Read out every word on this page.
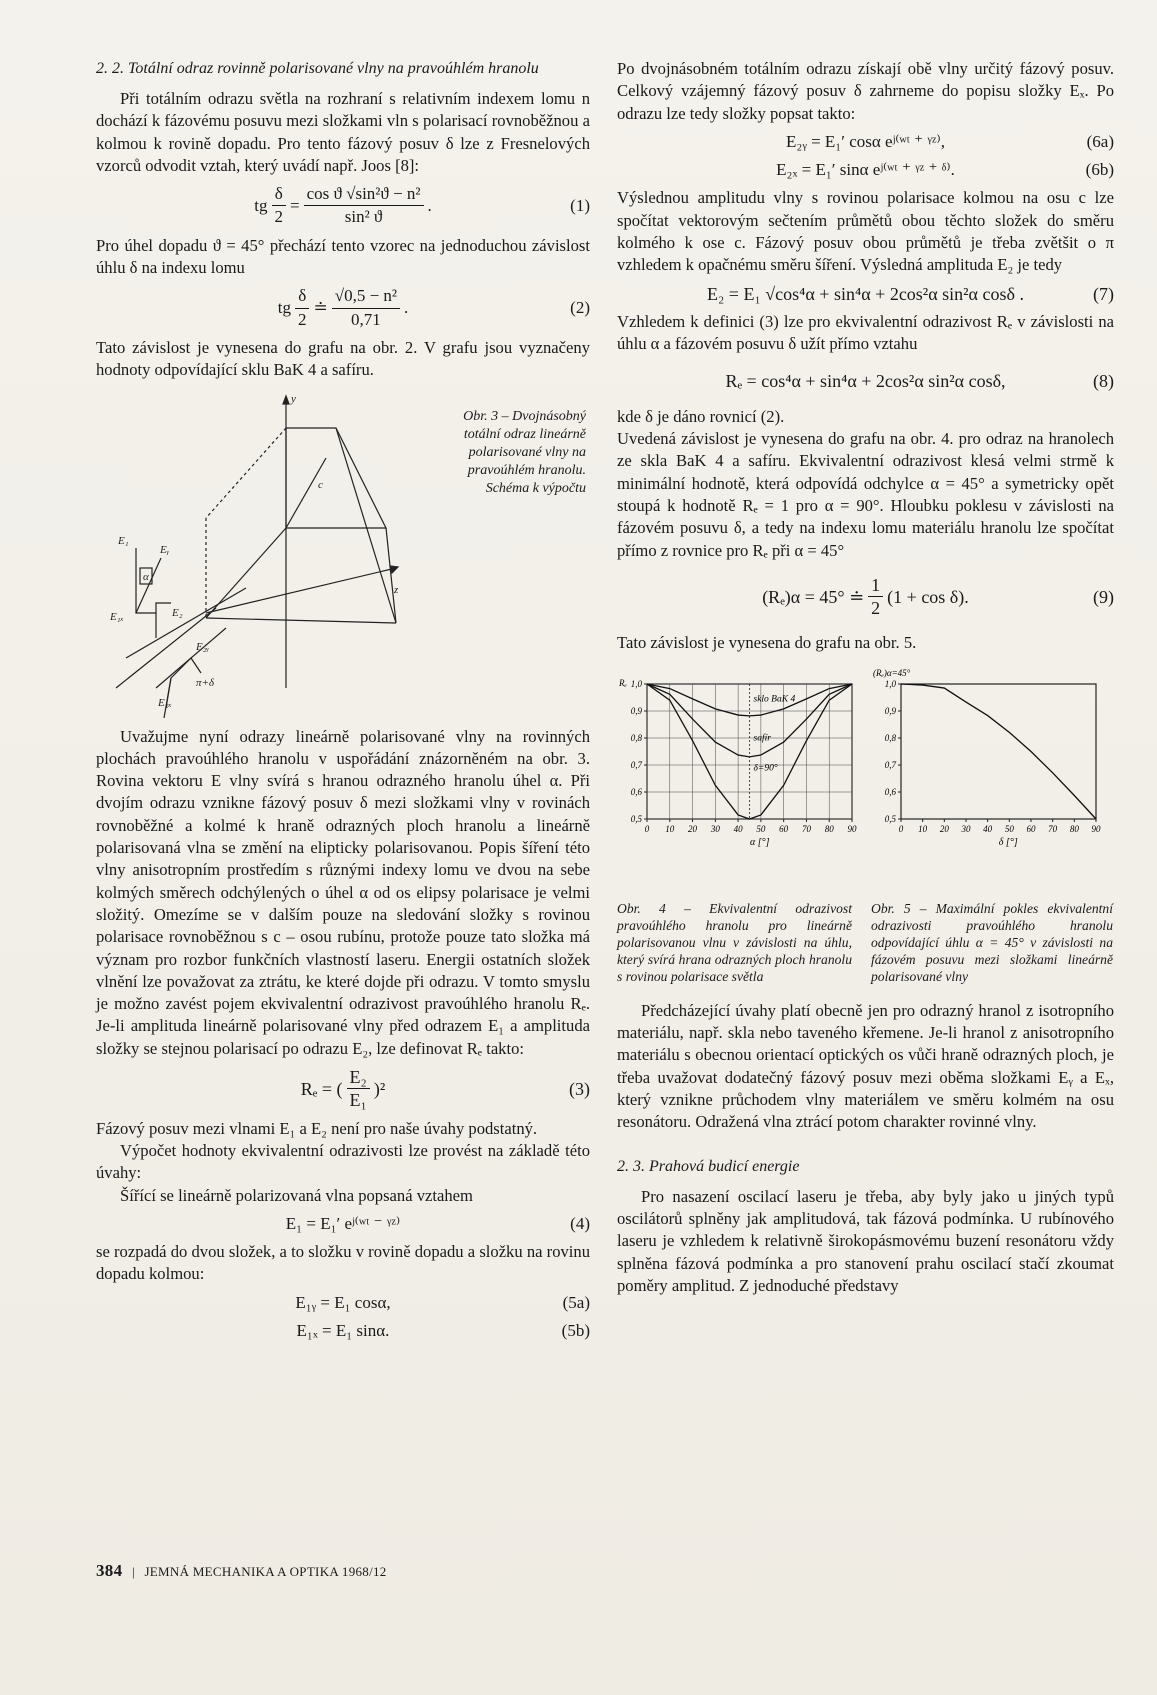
2. 2. Totální odraz rovinně polarisované vlny na pravoúhlém hranolu

Při totálním odrazu světla na rozhraní s relativním indexem lomu n dochází k fázovému posuvu mezi složkami vln s polarisací rovnoběžnou a kolmou k rovině dopadu. Pro tento fázový posuv δ lze z Fresnelových vzorců odvodit vztah, který uvádí např. Joos [8]:

tg $\frac{\delta}{2} = \frac{\text{cos ϑ √sin²ϑ − n²}}{\text{sin² ϑ}}$ .	(1)

Pro úhel dopadu ϑ = 45° přechází tento vzorec na jednoduchou závislost úhlu δ na indexu lomu

tg $\frac{\delta}{2}$ ≐ $\frac{\text{√0,5 − n²}}{0,71}$ .	(2)

Tato závislost je vynesena do grafu na obr. 2. V grafu jsou vyznačeny hodnoty odpovídající sklu BaK 4 a safíru.

y
c
z
E₁
Eᵧ
α
E₁ₓ	E₂
E₂ᵧ
E₂ₓ
π+δ
Obr. 3 – Dvojnásobný totální odraz lineárně polarisované vlny na pravoúhlém hranolu. Schéma k výpočtu

Uvažujme nyní odrazy lineárně polarisované vlny na rovinných plochách pravoúhlého hranolu v uspořádání znázorněném na obr. 3. Rovina vektoru E vlny svírá s hranou odrazného hranolu úhel α. Při dvojím odrazu vznikne fázový posuv δ mezi složkami vlny v rovinách rovnoběžné a kolmé k hraně odrazných ploch hranolu a lineárně polarisovaná vlna se změní na elipticky polarisovanou. Popis šíření této vlny anisotropním prostředím s různými indexy lomu ve dvou na sebe kolmých směrech odchýlených o úhel α od os elipsy polarisace je velmi složitý. Omezíme se v dalším pouze na sledování složky s rovinou polarisace rovnoběžnou s c – osou rubínu, protože pouze tato složka má význam pro rozbor funkčních vlastností laseru. Energii ostatních složek vlnění lze považovat za ztrátu, ke které dojde při odrazu. V tomto smyslu je možno zavést pojem ekvivalentní odrazivost pravoúhlého hranolu Rₑ. Je-li amplituda lineárně polarisované vlny před odrazem E₁ a amplituda složky se stejnou polarisací po odrazu E₂, lze definovat Rₑ takto:

Rₑ = ( $\frac{\text{E₂}}{\text{E₁}} )^2$	(3)

Fázový posuv mezi vlnami E₁ a E₂ není pro naše úvahy podstatný.

Výpočet hodnoty ekvivalentní odrazivosti lze provést na základě této úvahy:

Šířící se lineárně polarizovaná vlna popsaná vztahem

E₁ = E₁′ eʲ⁽ʷᵗ ⁻ ᵞᶻ⁾	(4)

se rozpadá do dvou složek, a to složku v rovině dopadu a složku na rovinu dopadu kolmou:

E₁ᵧ = E₁ cosα,	(5a)
E₁ₓ = E₁ sinα.	(5b)

Po dvojnásobném totálním odrazu získají obě vlny určitý fázový posuv. Celkový vzájemný fázový posuv δ zahrneme do popisu složky Eₓ. Po odrazu lze tedy složky popsat takto:

E₂ᵧ = E₁′ cosα eʲ⁽ʷᵗ ⁺ ᵞᶻ⁾,	(6a)
E₂ₓ = E₁′ sinα eʲ⁽ʷᵗ ⁺ ᵞᶻ ⁺ ᵟ⁾.	(6b)

Výslednou amplitudu vlny s rovinou polarisace kolmou na osu c lze spočítat vektorovým sečtením průmětů obou těchto složek do směru kolmého k ose c. Fázový posuv obou průmětů je třeba zvětšit o π vzhledem k opačnému směru šíření. Výsledná amplituda E₂ je tedy

E₂ = E₁ √cos⁴α + sin⁴α + 2cos²α sin²α cosδ .	(7)

Vzhledem k definici (3) lze pro ekvivalentní odrazivost Rₑ v závislosti na úhlu α a fázovém posuvu δ užít přímo vztahu

Rₑ = cos⁴α + sin⁴α + 2cos²α sin²α cosδ,	(8)

kde δ je dáno rovnicí (2).

Uvedená závislost je vynesena do grafu na obr. 4. pro odraz na hranolech ze skla BaK 4 a safíru. Ekvivalentní odrazivost klesá velmi strmě k minimální hodnotě, která odpovídá odchylce α = 45° a symetricky opět stoupá k hodnotě Rₑ = 1 pro α = 90°. Hloubku poklesu v závislosti na fázovém posuvu δ, a tedy na indexu lomu materiálu hranolu lze spočítat přímo z rovnice pro Rₑ při α = 45°

(Rₑ)α = 45° ≐ $\frac{1}{2} (1 + \cos \delta)$.	(9)

Tato závislost je vynesena do grafu na obr. 5.

0 10 20 30 40 50 60 70 80 90
0,5
0,6
0,7
0,8
0,9
1,0
α [°]
Rₑ
sklo BaK 4
safír
δ=90°
0 10 20 30 40 50 60 70 80 90
0,5
0,6
0,7
0,8
0,9
1,0
δ [°]
(Rₑ)α=45°
Obr. 4 – Ekvivalentní odrazivost pravoúhlého hranolu pro lineárně polarisovanou vlnu v závislosti na úhlu, který svírá hrana odrazných ploch hranolu s rovinou polarisace světla
Obr. 5 – Maximální pokles ekvivalentní odrazivosti pravoúhlého hranolu odpovídající úhlu α = 45° v závislosti na fázovém posuvu mezi složkami lineárně polarisované vlny

Předcházející úvahy platí obecně jen pro odrazný hranol z isotropního materiálu, např. skla nebo taveného křemene. Je-li hranol z anisotropního materiálu s obecnou orientací optických os vůči hraně odrazných ploch, je třeba uvažovat dodatečný fázový posuv mezi oběma složkami Eᵧ a Eₓ, který vznikne průchodem vlny materiálem ve směru kolmém na osu resonátoru. Odražená vlna ztrácí potom charakter rovinné vlny.

2. 3. Prahová budicí energie

Pro nasazení oscilací laseru je třeba, aby byly jako u jiných typů oscilátorů splněny jak amplitudová, tak fázová podmínka. U rubínového laseru je vzhledem k relativně širokopásmovému buzení resonátoru vždy splněna fázová podmínka a pro stanovení prahu oscilací stačí zkoumat poměry amplitud. Z jednoduché představy

384 | JEMNÁ MECHANIKA A OPTIKA 1968/12
